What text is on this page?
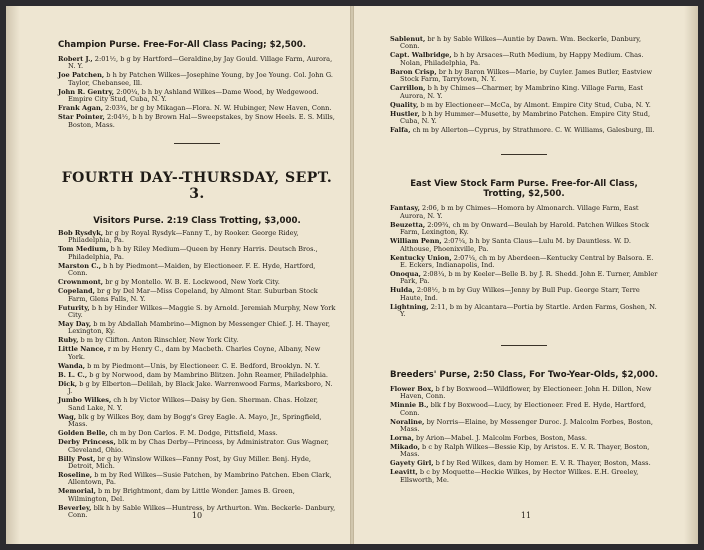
Champion Purse. Free-For-All Class Pacing; $2,500.
Robert J., 2:01½, b g by Hartford—Geraldine,by Jay Gould. Village Farm, Aurora, N. Y.
Joe Patchen, b h by Patchen Wilkes—Josephine Young, by Joe Young. Col. John G. Taylor, Chebansee, Ill.
John R. Gentry, 2:00¼, b h by Ashland Wilkes—Dame Wood, by Wedgewood. Empire City Stud, Cuba, N. Y.
Frank Agan, 2:03¾, br g by Mikagan—Flora. N. W. Hubinger, New Haven, Conn.
Star Pointer, 2:04½, b h by Brown Hal—Sweepstakes, by Snow Heels. E. S. Mills, Boston, Mass.
FOURTH DAY--THURSDAY, SEPT. 3.
Visitors Purse. 2:19 Class Trotting, $3,000.
Bob Rysdyk, br g by Royal Rysdyk—Fanny T., by Rooker. George Ridey, Philadelphia, Pa.
Tom Medium, b h by Riley Medium—Queen by Henry Harris. Deutsch Bros., Philadelphia, Pa.
Marston C., b h by Piedmont—Maiden, by Electioneer. F. E. Hyde, Hartford, Conn.
Crownmont, br g by Montello. W. B. E. Lockwood, New York City.
Copeland, br g by Del Mar—Miss Copeland, by Almont Star. Suburban Stock Farm, Glens Falls, N. Y.
Futurity, b h by Hinder Wilkes—Maggie S. by Arnold. Jeremiah Murphy, New York City.
May Day, b m by Abdallah Mambrino—Mignon by Messenger Chief. J. H. Thayer, Lexington, Ky.
Ruby, b m by Clifton. Anton Rinschler, New York City.
Little Nance, r m by Henry C., dam by Macbeth. Charles Coyne, Albany, New York.
Wanda, b m by Piedmont—Unis, by Electioneer. C. E. Bedford, Brooklyn. N. Y.
B. L. C., b g by Norwood, dam by Mambrino Blitzen. John Reamer, Philadelphia.
Dick, b g by Elberton—Delilah, by Black Jake. Warrenwood Farms, Marksboro, N. J.
Jumbo Wilkes, ch h by Victor Wilkes—Daisy by Gen. Sherman. Chas. Holzer, Sand Lake, N. Y.
Wag, blk g by Wilkes Boy, dam by Bogg's Grey Eagle. A. Mayo, Jr., Springfield, Mass.
Golden Belle, ch m by Don Carlos. F. M. Dodge, Pittsfield, Mass.
Derby Princess, blk m by Chas Derby—Princess, by Administrator. Gus Wagner, Cleveland, Ohio.
Billy Post, br g by Winslow Wilkes—Fanny Post, by Guy Miller. Benj. Hyde, Detroit, Mich.
Roseline, b m by Red Wilkes—Susie Patchen, by Mambrino Patchen. Eben Clark, Allentown, Pa.
Memorial, b m by Brightmont, dam by Little Wonder. James B. Green, Wilmington, Del.
Beverley, blk h by Sable Wilkes—Huntress, by Arthurton. Wm. Beckerle- Danbury, Conn.	10
Sablenut, br h by Sable Wilkes—Auntie by Dawn. Wm. Beckerle, Danbury, Conn.
Capt. Walbridge, b h by Arsaces—Ruth Medium, by Happy Medium. Chas. Nolan, Philadelphia, Pa.
Baron Crisp, br h by Baron Wilkes—Marie, by Cuyler. James Butler, Eastview Stock Farm, Tarrytown, N. Y.
Carrillon, b h by Chimes—Charmer, by Mambrino King. Village Farm, East Aurora, N. Y.
Quality, b m by Electioneer—McCa, by Almont. Empire City Stud, Cuba, N. Y.
Hustler, b h by Hummer—Musette, by Mambrino Patchen. Empire City Stud, Cuba, N. Y.
Falfa, ch m by Allerton—Cyprus, by Strathmore. C. W. Williams, Galesburg, Ill.
East View Stock Farm Purse. Free-for-All Class, Trotting, $2,500.
Fantasy, 2:06, b m by Chimes—Homora by Almonarch. Village Farm, East Aurora, N. Y.
Beuzetta, 2:09¾, ch m by Onward—Beulah by Harold. Patchen Wilkes Stock Farm, Lexington, Ky.
William Penn, 2:07¼, b h by Santa Claus—Lulu M. by Dauntless. W. D. Althouse, Phoenixville, Pa.
Kentucky Union, 2:07¼, ch m by Aberdeen—Kentucky Central by Balsora. E. E. Eckers, Indianapolis, Ind.
Onoqua, 2:08¼, b m by Keeler—Belle B. by J. R. Shedd. John E. Turner, Ambler Park, Pa.
Hulda, 2:08½, b m by Guy Wilkes—Jenny by Bull Pup. George Starr, Terre Haute, Ind.
Lightning, 2:11, b m by Alcantara—Portia by Startle. Arden Farms, Goshen, N. Y.
Breeders' Purse, 2:50 Class, For Two-Year-Olds, $2,000.
Flower Box, b f by Boxwood—Wildflower, by Electioneer. John H. Dillon, New Haven, Conn.
Minnie B., blk f by Boxwood—Lucy, by Electioneer. Fred E. Hyde, Hartford, Conn.
Noraline, by Norris—Elaine, by Messenger Duroc. J. Malcolm Forbes, Boston, Mass.
Lorna, by Arion—Mabel. J. Malcolm Forbes, Boston, Mass.
Mikado, b c by Ralph Wilkes—Bessie Kip, by Aristos. E. V. R. Thayer, Boston, Mass.
Gayety Girl, b f by Red Wilkes, dam by Homer. E. V. R. Thayer, Boston, Mass.
Leavitt, b c by Moquette—Heckie Wilkes, by Hector Wilkes. E.H. Greeley, Ellsworth, Me.
11
